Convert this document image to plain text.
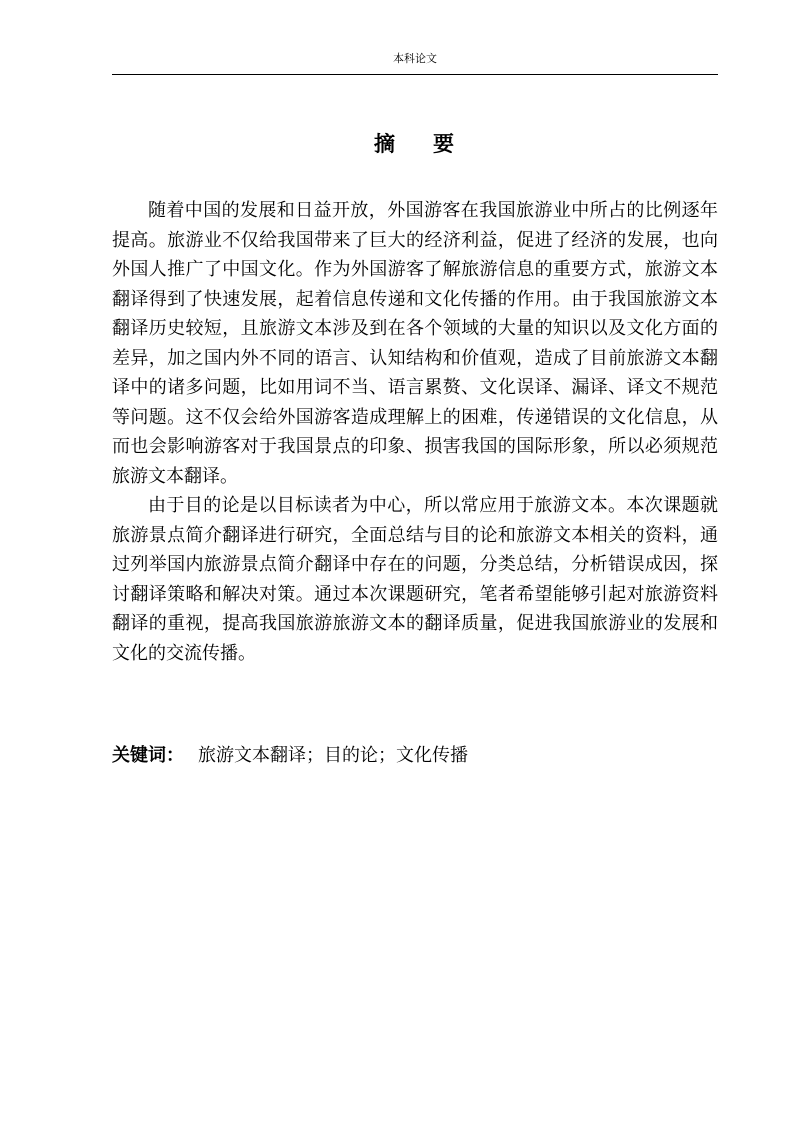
本科论文
摘 要

随着中国的发展和日益开放，外国游客在我国旅游业中所占的比例逐年提高。旅游业不仅给我国带来了巨大的经济利益，促进了经济的发展，也向外国人推广了中国文化。作为外国游客了解旅游信息的重要方式，旅游文本翻译得到了快速发展，起着信息传递和文化传播的作用。由于我国旅游文本翻译历史较短，且旅游文本涉及到在各个领域的大量的知识以及文化方面的差异，加之国内外不同的语言、认知结构和价值观，造成了目前旅游文本翻译中的诸多问题，比如用词不当、语言累赘、文化误译、漏译、译文不规范等问题。这不仅会给外国游客造成理解上的困难，传递错误的文化信息，从而也会影响游客对于我国景点的印象、损害我国的国际形象，所以必须规范旅游文本翻译。

由于目的论是以目标读者为中心，所以常应用于旅游文本。本次课题就旅游景点简介翻译进行研究，全面总结与目的论和旅游文本相关的资料，通过列举国内旅游景点简介翻译中存在的问题，分类总结，分析错误成因，探讨翻译策略和解决对策。通过本次课题研究，笔者希望能够引起对旅游资料翻译的重视，提高我国旅游旅游文本的翻译质量，促进我国旅游业的发展和文化的交流传播。

关键词： 旅游文本翻译；目的论；文化传播
